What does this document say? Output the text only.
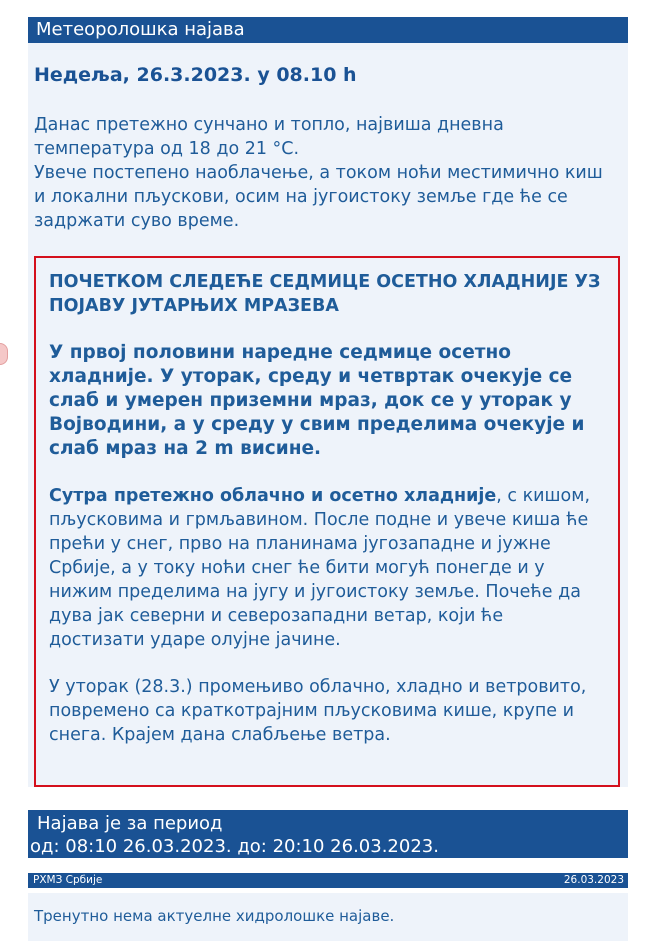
Метеоролошка најава
Недеља, 26.3.2023. у 08.10 h

Данас претежно сунчано и топло, највиша дневна температура од 18 до 21 °C.

Увече постепено наоблачење, а током ноћи местимично киш и локални пљускови, осим на југоистоку земље где ће се задржати суво време.

ПОЧЕТКОМ СЛЕДЕЋЕ СЕДМИЦЕ ОСЕТНО ХЛАДНИЈЕ УЗ ПОЈАВУ ЈУТАРЊИХ МРАЗЕВА
У првој половини наредне седмице осетно хладније. У уторак, среду и четвртак очекује се слаб и умерен приземни мраз, док се у уторак у Војводини, а у среду у свим пределима очекује и слаб мраз на 2 m висине.
Сутра претежно облачно и осетно хладније, с кишом, пљусковима и грмљавином. После подне и увече киша ће прећи у снег, прво на планинама југозападне и јужне Србије, а у току ноћи снег ће бити могућ понегде и у нижим пределима на југу и југоистоку земље. Почеће да дува јак северни и северозападни ветар, који ће достизати ударе олујне јачине.
У уторак (28.3.) промењиво облачно, хладно и ветровито, повремено са краткотрајним пљусковима кише, крупе и снега. Крајем дана слабљење ветра.
Најава је за период
од: 08:10 26.03.2023. до: 20:10 26.03.2023.
РХМЗ Србије	26.03.2023
Тренутно нема актуелне хидролошке најаве.
